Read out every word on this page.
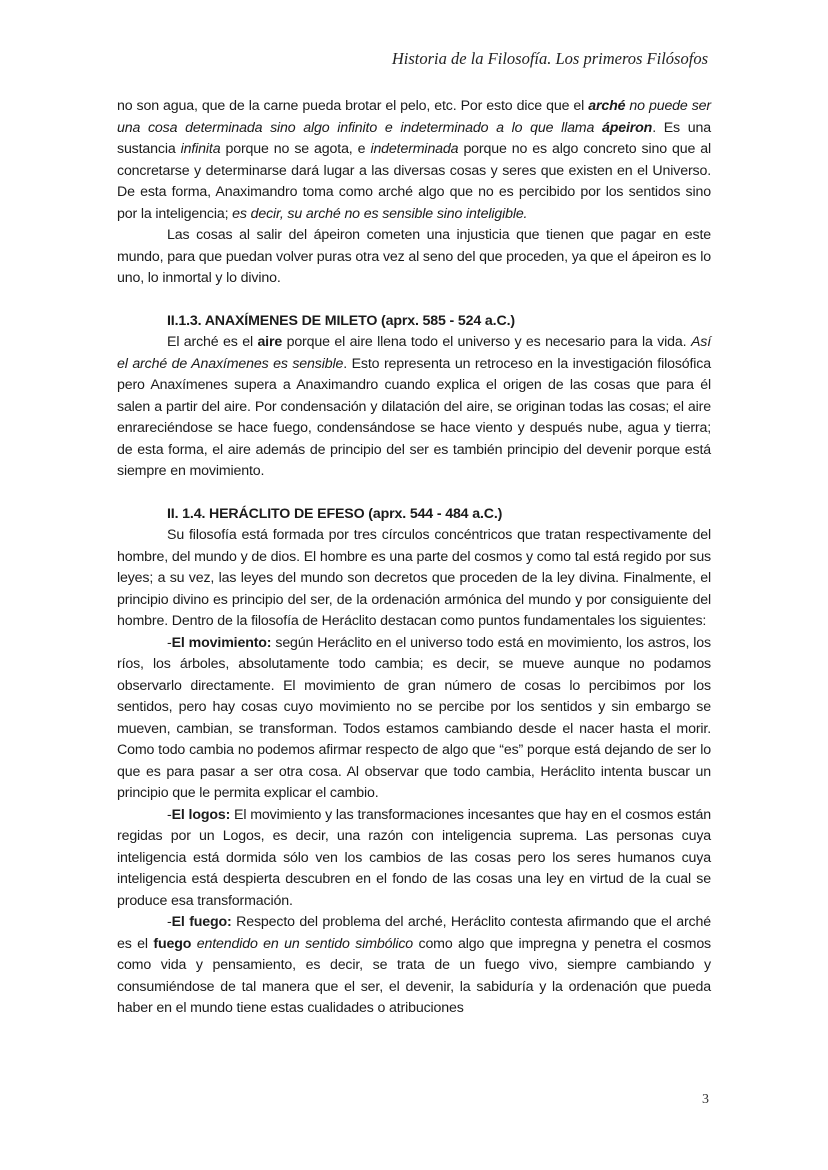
Historia de la Filosofía. Los primeros Filósofos

no son agua, que de la carne pueda brotar el pelo, etc. Por esto dice que el arché no puede ser una cosa determinada sino algo infinito e indeterminado a lo que llama ápeiron. Es una sustancia infinita porque no se agota, e indeterminada porque no es algo concreto sino que al concretarse y determinarse dará lugar a las diversas cosas y seres que existen en el Universo. De esta forma, Anaximandro toma como arché algo que no es percibido por los sentidos sino por la inteligencia; es decir, su arché no es sensible sino inteligible.

Las cosas al salir del ápeiron cometen una injusticia que tienen que pagar en este mundo, para que puedan volver puras otra vez al seno del que proceden, ya que el ápeiron es lo uno, lo inmortal y lo divino.

II.1.3. ANAXÍMENES DE MILETO (aprx. 585 - 524 a.C.)

El arché es el aire porque el aire llena todo el universo y es necesario para la vida. Así el arché de Anaxímenes es sensible. Esto representa un retroceso en la investigación filosófica pero Anaxímenes supera a Anaximandro cuando explica el origen de las cosas que para él salen a partir del aire. Por condensación y dilatación del aire, se originan todas las cosas; el aire enrareciéndose se hace fuego, condensándose se hace viento y después nube, agua y tierra; de esta forma, el aire además de principio del ser es también principio del devenir porque está siempre en movimiento.

II. 1.4. HERÁCLITO DE EFESO (aprx. 544 - 484 a.C.)

Su filosofía está formada por tres círculos concéntricos que tratan respectivamente del hombre, del mundo y de dios. El hombre es una parte del cosmos y como tal está regido por sus leyes; a su vez, las leyes del mundo son decretos que proceden de la ley divina. Finalmente, el principio divino es principio del ser, de la ordenación armónica del mundo y por consiguiente del hombre. Dentro de la filosofía de Heráclito destacan como puntos fundamentales los siguientes:

-El movimiento: según Heráclito en el universo todo está en movimiento, los astros, los ríos, los árboles, absolutamente todo cambia; es decir, se mueve aunque no podamos observarlo directamente. El movimiento de gran número de cosas lo percibimos por los sentidos, pero hay cosas cuyo movimiento no se percibe por los sentidos y sin embargo se mueven, cambian, se transforman. Todos estamos cambiando desde el nacer hasta el morir. Como todo cambia no podemos afirmar respecto de algo que “es” porque está dejando de ser lo que es para pasar a ser otra cosa. Al observar que todo cambia, Heráclito intenta buscar un principio que le permita explicar el cambio.

-El logos: El movimiento y las transformaciones incesantes que hay en el cosmos están regidas por un Logos, es decir, una razón con inteligencia suprema. Las personas cuya inteligencia está dormida sólo ven los cambios de las cosas pero los seres humanos cuya inteligencia está despierta descubren en el fondo de las cosas una ley en virtud de la cual se produce esa transformación.

-El fuego: Respecto del problema del arché, Heráclito contesta afirmando que el arché es el fuego entendido en un sentido simbólico como algo que impregna y penetra el cosmos como vida y pensamiento, es decir, se trata de un fuego vivo, siempre cambiando y consumiéndose de tal manera que el ser, el devenir, la sabiduría y la ordenación que pueda haber en el mundo tiene estas cualidades o atribuciones

3
